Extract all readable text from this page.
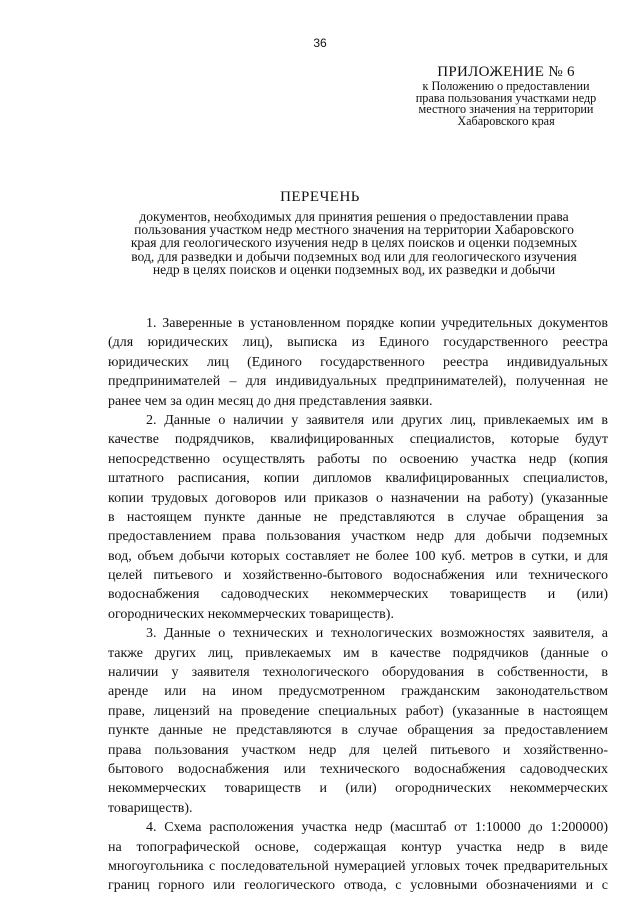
36
ПРИЛОЖЕНИЕ № 6
к Положению о предоставлении
права пользования участками недр
местного значения на территории
Хабаровского края
ПЕРЕЧЕНЬ
документов, необходимых для принятия решения о предоставлении права
пользования участком недр местного значения на территории Хабаровского
края для геологического изучения недр в целях поисков и оценки подземных
вод, для разведки и добычи подземных вод или для геологического изучения
недр в целях поисков и оценки подземных вод, их разведки и добычи
1. Заверенные в установленном порядке копии учредительных документов
(для юридических лиц), выписка из Единого государственного реестра
юридических лиц (Единого государственного реестра индивидуальных
предпринимателей – для индивидуальных предпринимателей), полученная не
ранее чем за один месяц до дня представления заявки.
2. Данные о наличии у заявителя или других лиц, привлекаемых им в
качестве подрядчиков, квалифицированных специалистов, которые будут
непосредственно осуществлять работы по освоению участка недр (копия
штатного расписания, копии дипломов квалифицированных специалистов,
копии трудовых договоров или приказов о назначении на работу) (указанные
в настоящем пункте данные не представляются в случае обращения за
предоставлением права пользования участком недр для добычи подземных
вод, объем добычи которых составляет не более 100 куб. метров в сутки, и для
целей питьевого и хозяйственно-бытового водоснабжения или технического
водоснабжения садоводческих некоммерческих товариществ и (или)
огороднических некоммерческих товариществ).
3. Данные о технических и технологических возможностях заявителя, а
также других лиц, привлекаемых им в качестве подрядчиков (данные о
наличии у заявителя технологического оборудования в собственности, в
аренде или на ином предусмотренном гражданским законодательством
праве, лицензий на проведение специальных работ) (указанные в настоящем
пункте данные не представляются в случае обращения за предоставлением
права пользования участком недр для целей питьевого и хозяйственно-
бытового водоснабжения или технического водоснабжения садоводческих
некоммерческих товариществ и (или) огороднических некоммерческих
товариществ).
4. Схема расположения участка недр (масштаб от 1:10000 до 1:200000)
на топографической основе, содержащая контур участка недр в виде
многоугольника с последовательной нумерацией угловых точек предварительных
границ горного или геологического отвода, с условными обозначениями и с
